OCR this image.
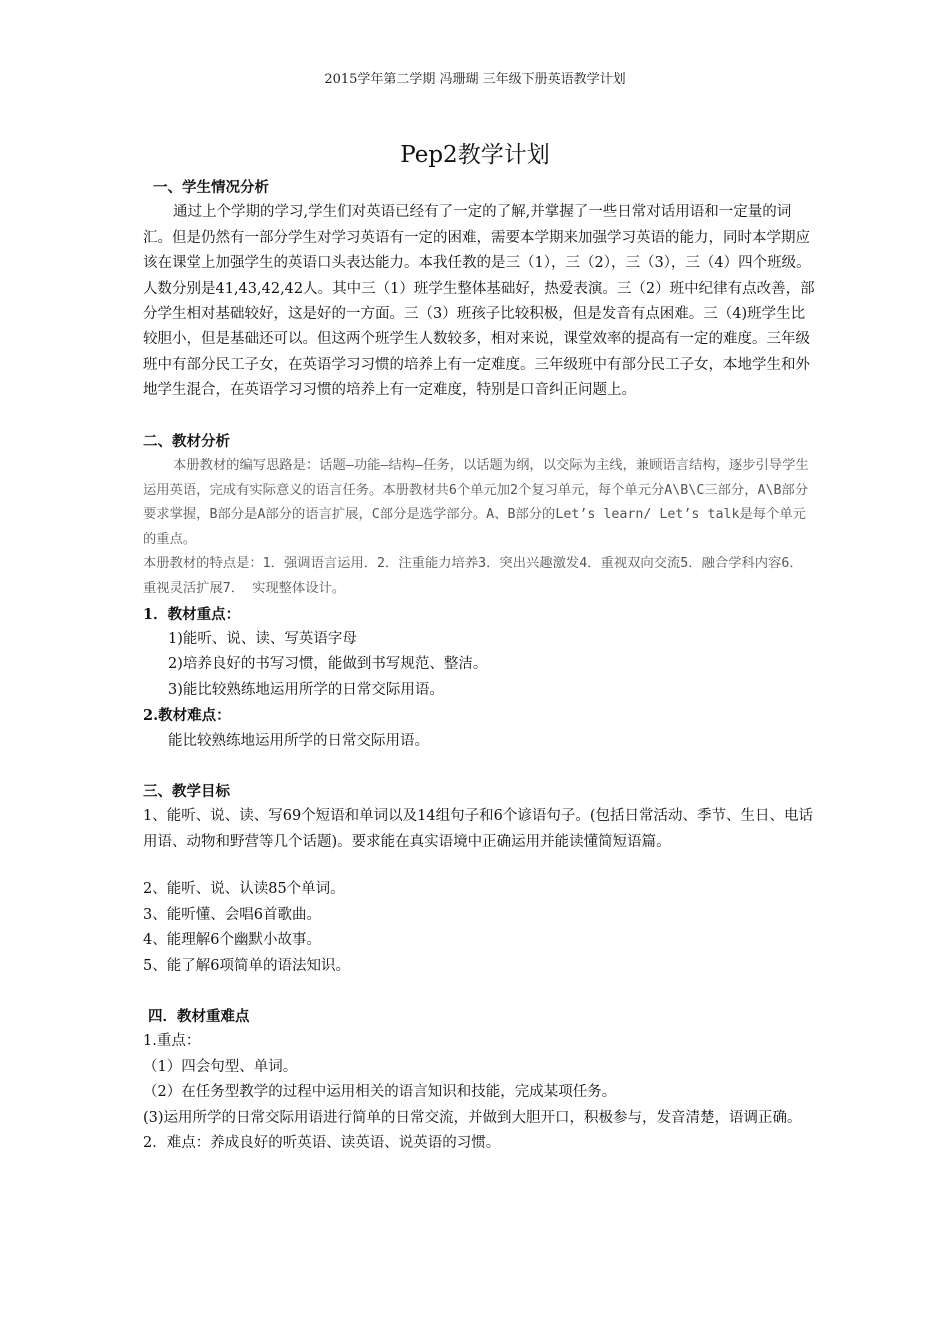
2015学年第二学期 冯珊瑚 三年级下册英语教学计划
Pep2教学计划

一、学生情况分析

通过上个学期的学习,学生们对英语已经有了一定的了解,并掌握了一些日常对话用语和一定量的词汇。但是仍然有一部分学生对学习英语有一定的困难，需要本学期来加强学习英语的能力，同时本学期应该在课堂上加强学生的英语口头表达能力。本我任教的是三（1），三（2），三（3），三（4）四个班级。人数分别是41,43,42,42人。其中三（1）班学生整体基础好，热爱表演。三（2）班中纪律有点改善，部分学生相对基础较好，这是好的一方面。三（3）班孩子比较积极，但是发音有点困难。三（4)班学生比较胆小，但是基础还可以。但这两个班学生人数较多，相对来说，课堂效率的提高有一定的难度。三年级班中有部分民工子女，在英语学习习惯的培养上有一定难度。三年级班中有部分民工子女，本地学生和外地学生混合，在英语学习习惯的培养上有一定难度，特别是口音纠正问题上。

二、教材分析

本册教材的编写思路是：话题—功能—结构—任务，以话题为纲，以交际为主线，兼顾语言结构，逐步引导学生运用英语，完成有实际意义的语言任务。本册教材共6个单元加2个复习单元，每个单元分A\B\C三部分，A\B部分要求掌握，B部分是A部分的语言扩展，C部分是选学部分。A、B部分的Let’s learn/ Let’s talk是每个单元的重点。

本册教材的特点是：1．强调语言运用．2．注重能力培养3．突出兴趣激发4．重视双向交流5．融合学科内容6． 重视灵活扩展7． 实现整体设计。

1．教材重点：

1)能听、说、读、写英语字母

2)培养良好的书写习惯，能做到书写规范、整洁。

3)能比较熟练地运用所学的日常交际用语。

2.教材难点：

能比较熟练地运用所学的日常交际用语。

三、教学目标

1、能听、说、读、写69个短语和单词以及14组句子和6个谚语句子。(包括日常活动、季节、生日、电话用语、动物和野营等几个话题)。要求能在真实语境中正确运用并能读懂简短语篇。

2、能听、说、认读85个单词。

3、能听懂、会唱6首歌曲。

4、能理解6个幽默小故事。

5、能了解6项简单的语法知识。

四．教材重难点

1.重点：

（1）四会句型、单词。

（2）在任务型教学的过程中运用相关的语言知识和技能，完成某项任务。

(3)运用所学的日常交际用语进行简单的日常交流，并做到大胆开口，积极参与，发音清楚，语调正确。

2．难点：养成良好的听英语、读英语、说英语的习惯。
